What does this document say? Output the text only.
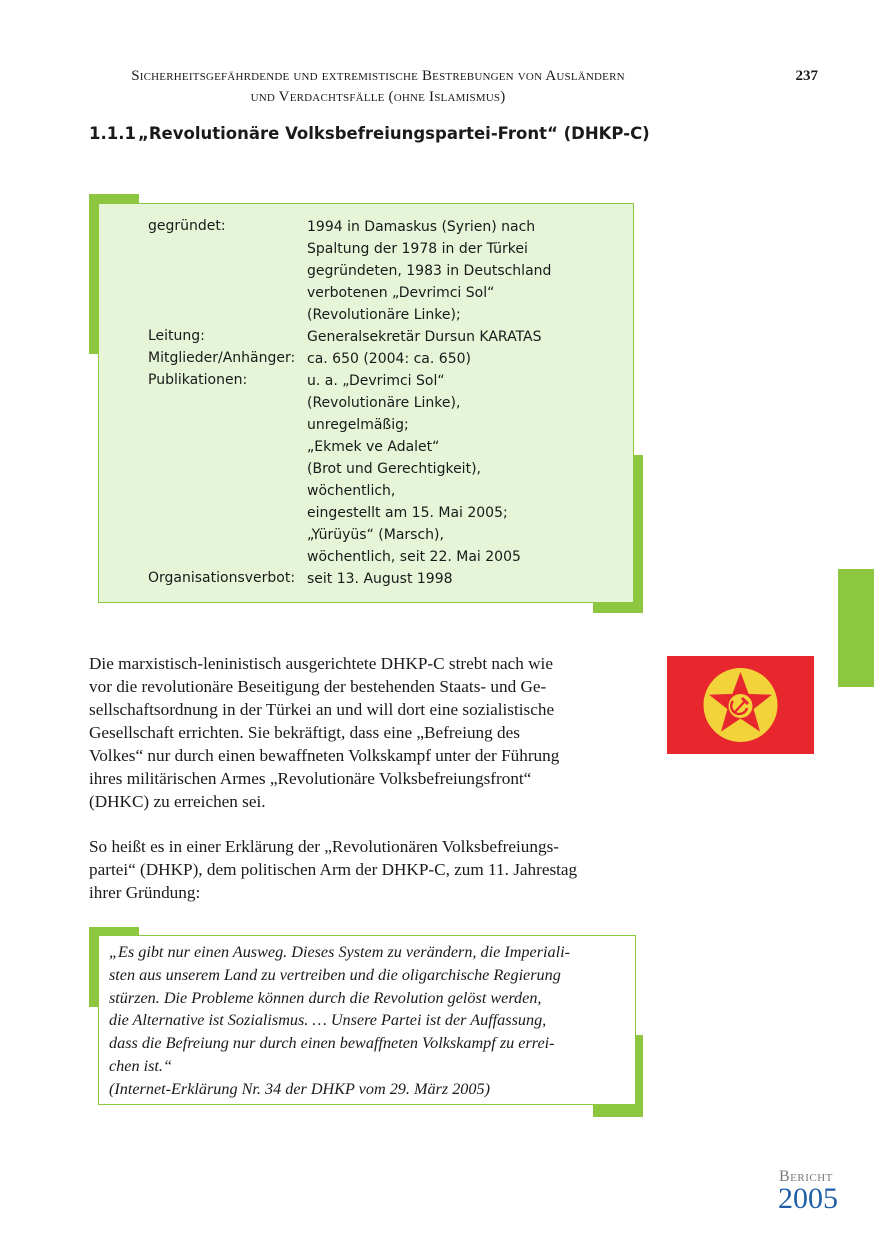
Sicherheitsgefährdende und extremistische Bestrebungen von Ausländern
und Verdachtsfälle (ohne Islamismus)
237
1.1.1 „Revolutionäre Volksbefreiungspartei-Front“ (DHKP-C)
gegründet:	1994 in Damaskus (Syrien) nach
Spaltung der 1978 in der Türkei
gegründeten, 1983 in Deutschland
verbotenen „Devrimci Sol“
(Revolutionäre Linke);
Leitung:	Generalsekretär Dursun KARATAS
Mitglieder/Anhänger: ca. 650 (2004: ca. 650)
Publikationen:	u. a. „Devrimci Sol“
(Revolutionäre Linke),
unregelmäßig;
„Ekmek ve Adalet“
(Brot und Gerechtigkeit),
wöchentlich,
eingestellt am 15. Mai 2005;
„Yürüyüs“ (Marsch),
wöchentlich, seit 22. Mai 2005
Organisationsverbot: seit 13. August 1998
Die marxistisch-leninistisch ausgerichtete DHKP-C strebt nach wie
vor die revolutionäre Beseitigung der bestehenden Staats- und Ge-
sellschaftsordnung in der Türkei an und will dort eine sozialistische
Gesellschaft errichten. Sie bekräftigt, dass eine „Befreiung des
Volkes“ nur durch einen bewaffneten Volkskampf unter der Führung
ihres militärischen Armes „Revolutionäre Volksbefreiungsfront“
(DHKC) zu erreichen sei.
So heißt es in einer Erklärung der „Revolutionären Volksbefreiungs-
partei“ (DHKP), dem politischen Arm der DHKP-C, zum 11. Jahrestag
ihrer Gründung:
„Es gibt nur einen Ausweg. Dieses System zu verändern, die Imperiali-
sten aus unserem Land zu vertreiben und die oligarchische Regierung
stürzen. Die Probleme können durch die Revolution gelöst werden,
die Alternative ist Sozialismus. … Unsere Partei ist der Auffassung,
dass die Befreiung nur durch einen bewaffneten Volkskampf zu errei-
chen ist.“
(Internet-Erklärung Nr. 34 der DHKP vom 29. März 2005)
Bericht
2005
